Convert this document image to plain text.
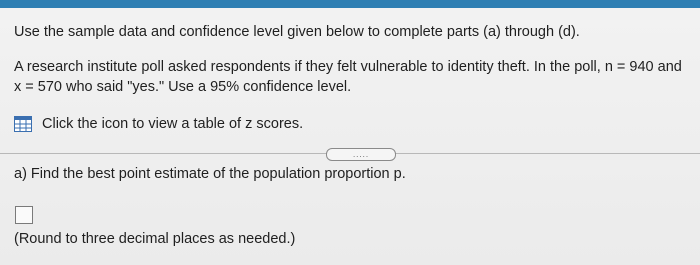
Use the sample data and confidence level given below to complete parts (a) through (d).
A research institute poll asked respondents if they felt vulnerable to identity theft. In the poll, n = 940 and
x = 570 who said "yes." Use a 95% confidence level.
Click the icon to view a table of z scores.
.....
a) Find the best point estimate of the population proportion p.
(Round to three decimal places as needed.)
